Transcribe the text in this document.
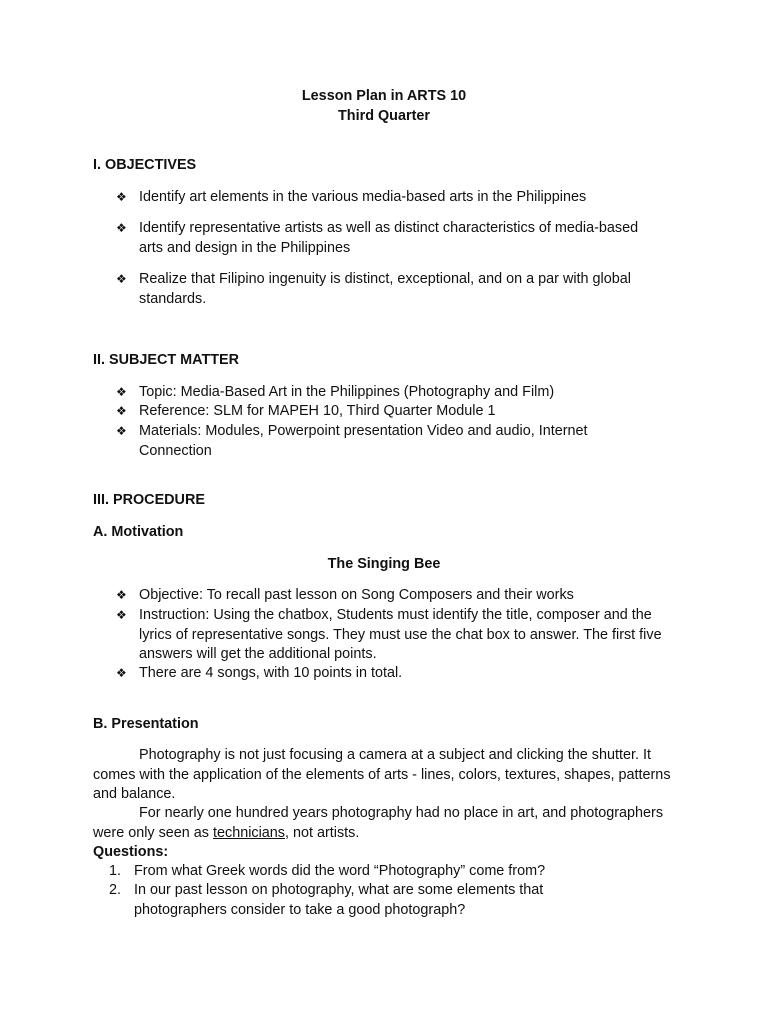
Lesson Plan in ARTS 10
Third Quarter
I. OBJECTIVES
❖ Identify art elements in the various media-based arts in the Philippines
❖ Identify representative artists as well as distinct characteristics of media-based arts and design in the Philippines
❖ Realize that Filipino ingenuity is distinct, exceptional, and on a par with global standards.
II. SUBJECT MATTER
❖ Topic: Media-Based Art in the Philippines (Photography and Film)
❖ Reference: SLM for MAPEH 10, Third Quarter Module 1
❖ Materials: Modules, Powerpoint presentation Video and audio, Internet Connection
III. PROCEDURE
A. Motivation
The Singing Bee
❖ Objective: To recall past lesson on Song Composers and their works
❖ Instruction: Using the chatbox, Students must identify the title, composer and the lyrics of representative songs. They must use the chat box to answer. The first five answers will get the additional points.
❖ There are 4 songs, with 10 points in total.
B. Presentation
Photography is not just focusing a camera at a subject and clicking the shutter. It comes with the application of the elements of arts - lines, colors, textures, shapes, patterns and balance.
For nearly one hundred years photography had no place in art, and photographers were only seen as technicians, not artists.
Questions:
1. From what Greek words did the word “Photography” come from?
2. In our past lesson on photography, what are some elements that photographers consider to take a good photograph?
